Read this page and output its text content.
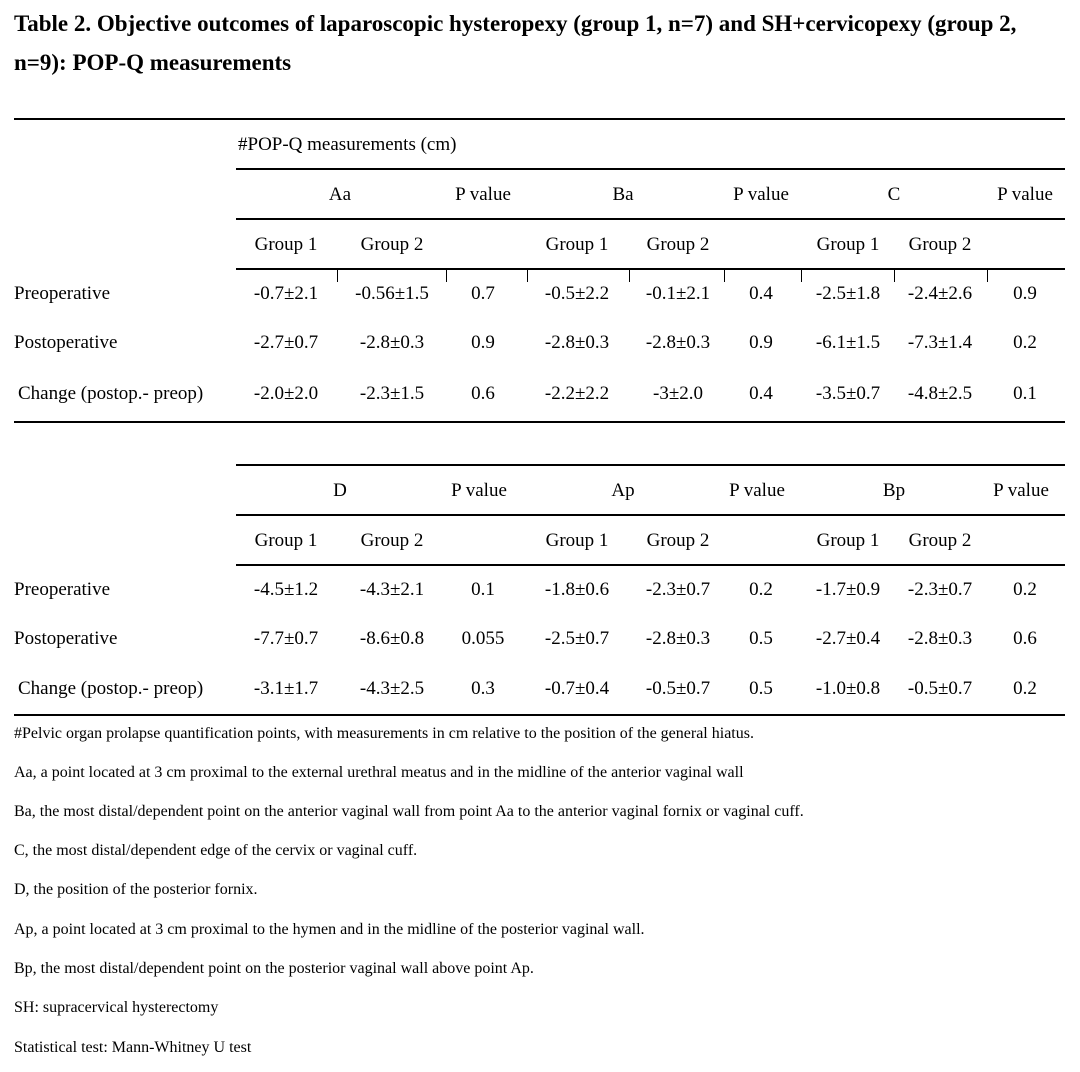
Table 2. Objective outcomes of laparoscopic hysteropexy (group 1, n=7) and SH+cervicopexy (group 2, n=9): POP-Q measurements
#POP-Q measurements (cm)
Aa	P value	Ba	P value	C	P value
Group 1 Group 2	Group 1 Group 2	Group 1 Group 2
Preoperative	-0.7±2.1 -0.56±1.5 0.7	-0.5±2.2 -0.1±2.1 0.4 -2.5±1.8 -2.4±2.6 0.9
Postoperative	-2.7±0.7 -2.8±0.3 0.9	-2.8±0.3 -2.8±0.3 0.9 -6.1±1.5 -7.3±1.4 0.2
Change (postop.- preop)	-2.0±2.0 -2.3±1.5 0.6	-2.2±2.2 -3±2.0 0.4 -3.5±0.7 -4.8±2.5 0.1
D	P value	Ap	P value	Bp	P value
Group 1 Group 2	Group 1 Group 2	Group 1 Group 2
Preoperative	-4.5±1.2 -4.3±2.1 0.1	-1.8±0.6 -2.3±0.7 0.2 -1.7±0.9 -2.3±0.7 0.2
Postoperative	-7.7±0.7 -8.6±0.8 0.055 -2.5±0.7 -2.8±0.3 0.5 -2.7±0.4 -2.8±0.3 0.6
Change (postop.- preop)	-3.1±1.7 -4.3±2.5 0.3	-0.7±0.4 -0.5±0.7 0.5 -1.0±0.8 -0.5±0.7 0.2
#Pelvic organ prolapse quantification points, with measurements in cm relative to the position of the general hiatus.
Aa, a point located at 3 cm proximal to the external urethral meatus and in the midline of the anterior vaginal wall
Ba, the most distal/dependent point on the anterior vaginal wall from point Aa to the anterior vaginal fornix or vaginal cuff.
C, the most distal/dependent edge of the cervix or vaginal cuff.
D, the position of the posterior fornix.
Ap, a point located at 3 cm proximal to the hymen and in the midline of the posterior vaginal wall.
Bp, the most distal/dependent point on the posterior vaginal wall above point Ap.
SH: supracervical hysterectomy
Statistical test: Mann-Whitney U test
